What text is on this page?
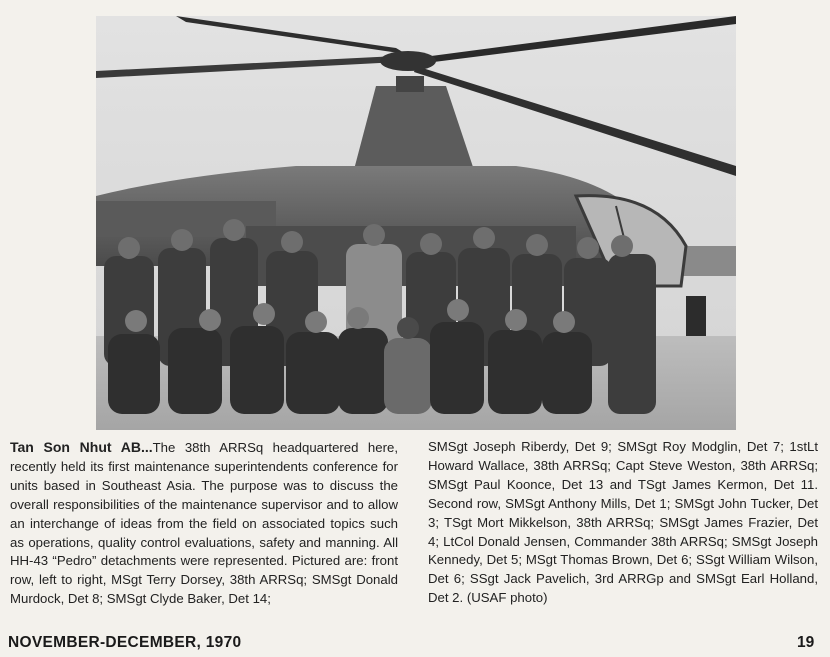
Tan Son Nhut AB...The 38th ARRSq headquartered here, recently held its first maintenance superintendents conference for units based in Southeast Asia. The purpose was to discuss the overall responsibilities of the maintenance supervisor and to allow an interchange of ideas from the field on associated topics such as operations, quality control evaluations, safety and manning. All HH-43 “Pedro” detachments were represented. Pictured are: front row, left to right, MSgt Terry Dorsey, 38th ARRSq; SMSgt Donald Murdock, Det 8; SMSgt Clyde Baker, Det 14;
SMSgt Joseph Riberdy, Det 9; SMSgt Roy Modglin, Det 7; 1stLt Howard Wallace, 38th ARRSq; Capt Steve Weston, 38th ARRSq; SMSgt Paul Koonce, Det 13 and TSgt James Kermon, Det 11. Second row, SMSgt Anthony Mills, Det 1; SMSgt John Tucker, Det 3; TSgt Mort Mikkelson, 38th ARRSq; SMSgt James Frazier, Det 4; LtCol Donald Jensen, Commander 38th ARRSq; SMSgt Joseph Kennedy, Det 5; MSgt Thomas Brown, Det 6; SSgt William Wilson, Det 6; SSgt Jack Pavelich, 3rd ARRGp and SMSgt Earl Holland, Det 2. (USAF photo)
NOVEMBER-DECEMBER, 1970	19
